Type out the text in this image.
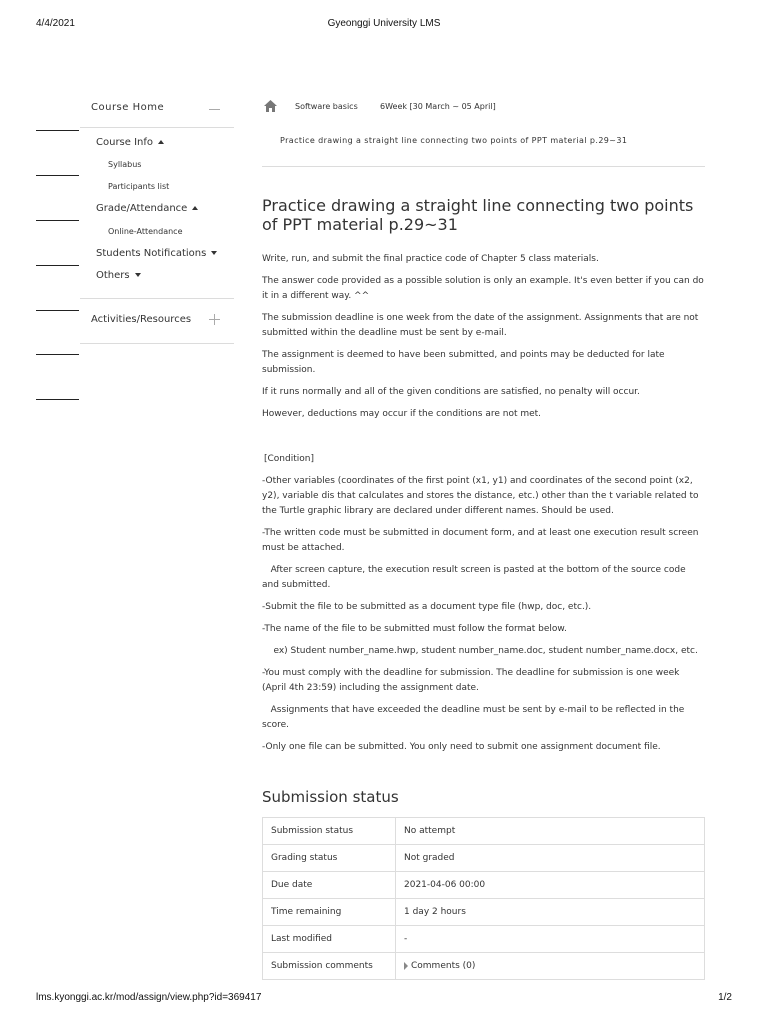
4/4/2021	Gyeonggi University LMS
Course Home
Course Info
Syllabus
Participants list
Grade/Attendance
Online-Attendance
Students Notifications
Others
Activities/Resources
Software basics	6Week [30 March ~ 05 April]
Practice drawing a straight line connecting two points of PPT material p.29~31
Practice drawing a straight line connecting two points of PPT material p.29~31

Write, run, and submit the final practice code of Chapter 5 class materials.

The answer code provided as a possible solution is only an example. It's even better if you can do it in a different way. ^^

The submission deadline is one week from the date of the assignment. Assignments that are not submitted within the deadline must be sent by e-mail.

The assignment is deemed to have been submitted, and points may be deducted for late submission.

If it runs normally and all of the given conditions are satisfied, no penalty will occur.

However, deductions may occur if the conditions are not met.

[Condition]

-Other variables (coordinates of the first point (x1, y1) and coordinates of the second point (x2, y2), variable dis that calculates and stores the distance, etc.) other than the t variable related to the Turtle graphic library are declared under different names. Should be used.

-The written code must be submitted in document form, and at least one execution result screen must be attached.

After screen capture, the execution result screen is pasted at the bottom of the source code and submitted.

-Submit the file to be submitted as a document type file (hwp, doc, etc.).

-The name of the file to be submitted must follow the format below.

ex) Student number_name.hwp, student number_name.doc, student number_name.docx, etc.

-You must comply with the deadline for submission. The deadline for submission is one week (April 4th 23:59) including the assignment date.

Assignments that have exceeded the deadline must be sent by e-mail to be reflected in the score.

-Only one file can be submitted. You only need to submit one assignment document file.

Submission status
Submission status	No attempt
Grading status	Not graded
Due date	2021-04-06 00:00
Time remaining	1 day 2 hours
Last modified	-
Submission comments	Comments (0)
lms.kyonggi.ac.kr/mod/assign/view.php?id=369417	1/2
